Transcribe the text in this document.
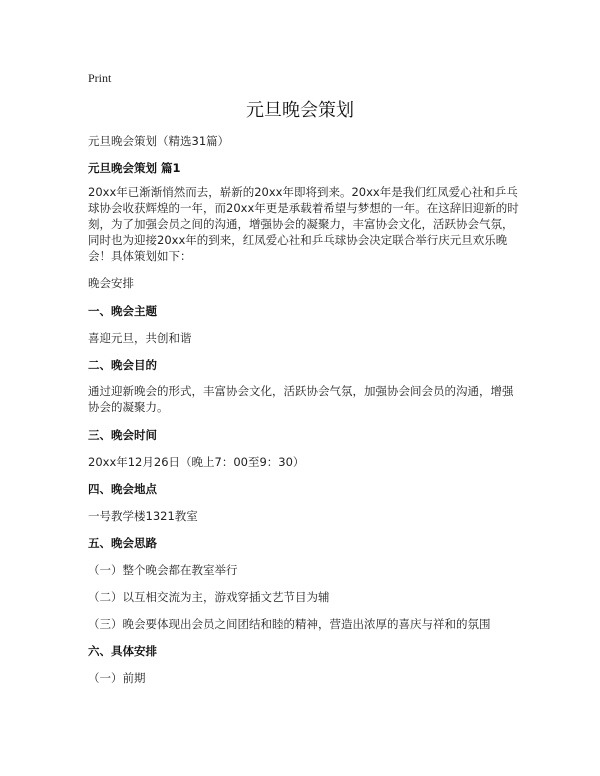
Print
元旦晚会策划

元旦晚会策划（精选31篇）

元旦晚会策划 篇1

20xx年已渐渐悄然而去，崭新的20xx年即将到来。20xx年是我们红凤爱心社和乒乓球协会收获辉煌的一年，而20xx年更是承载着希望与梦想的一年。在这辞旧迎新的时刻，为了加强会员之间的沟通，增强协会的凝聚力，丰富协会文化，活跃协会气氛，同时也为迎接20xx年的到来，红凤爱心社和乒乓球协会决定联合举行庆元旦欢乐晚会！具体策划如下：

晚会安排

一、晚会主题

喜迎元旦，共创和谐

二、晚会目的

通过迎新晚会的形式，丰富协会文化，活跃协会气氛，加强协会间会员的沟通，增强协会的凝聚力。

三、晚会时间

20xx年12月26日（晚上7：00至9：30）

四、晚会地点

一号教学楼1321教室

五、晚会思路

（一）整个晚会都在教室举行

（二）以互相交流为主，游戏穿插文艺节目为辅

（三）晚会要体现出会员之间团结和睦的精神，营造出浓厚的喜庆与祥和的氛围

六、具体安排

（一）前期
